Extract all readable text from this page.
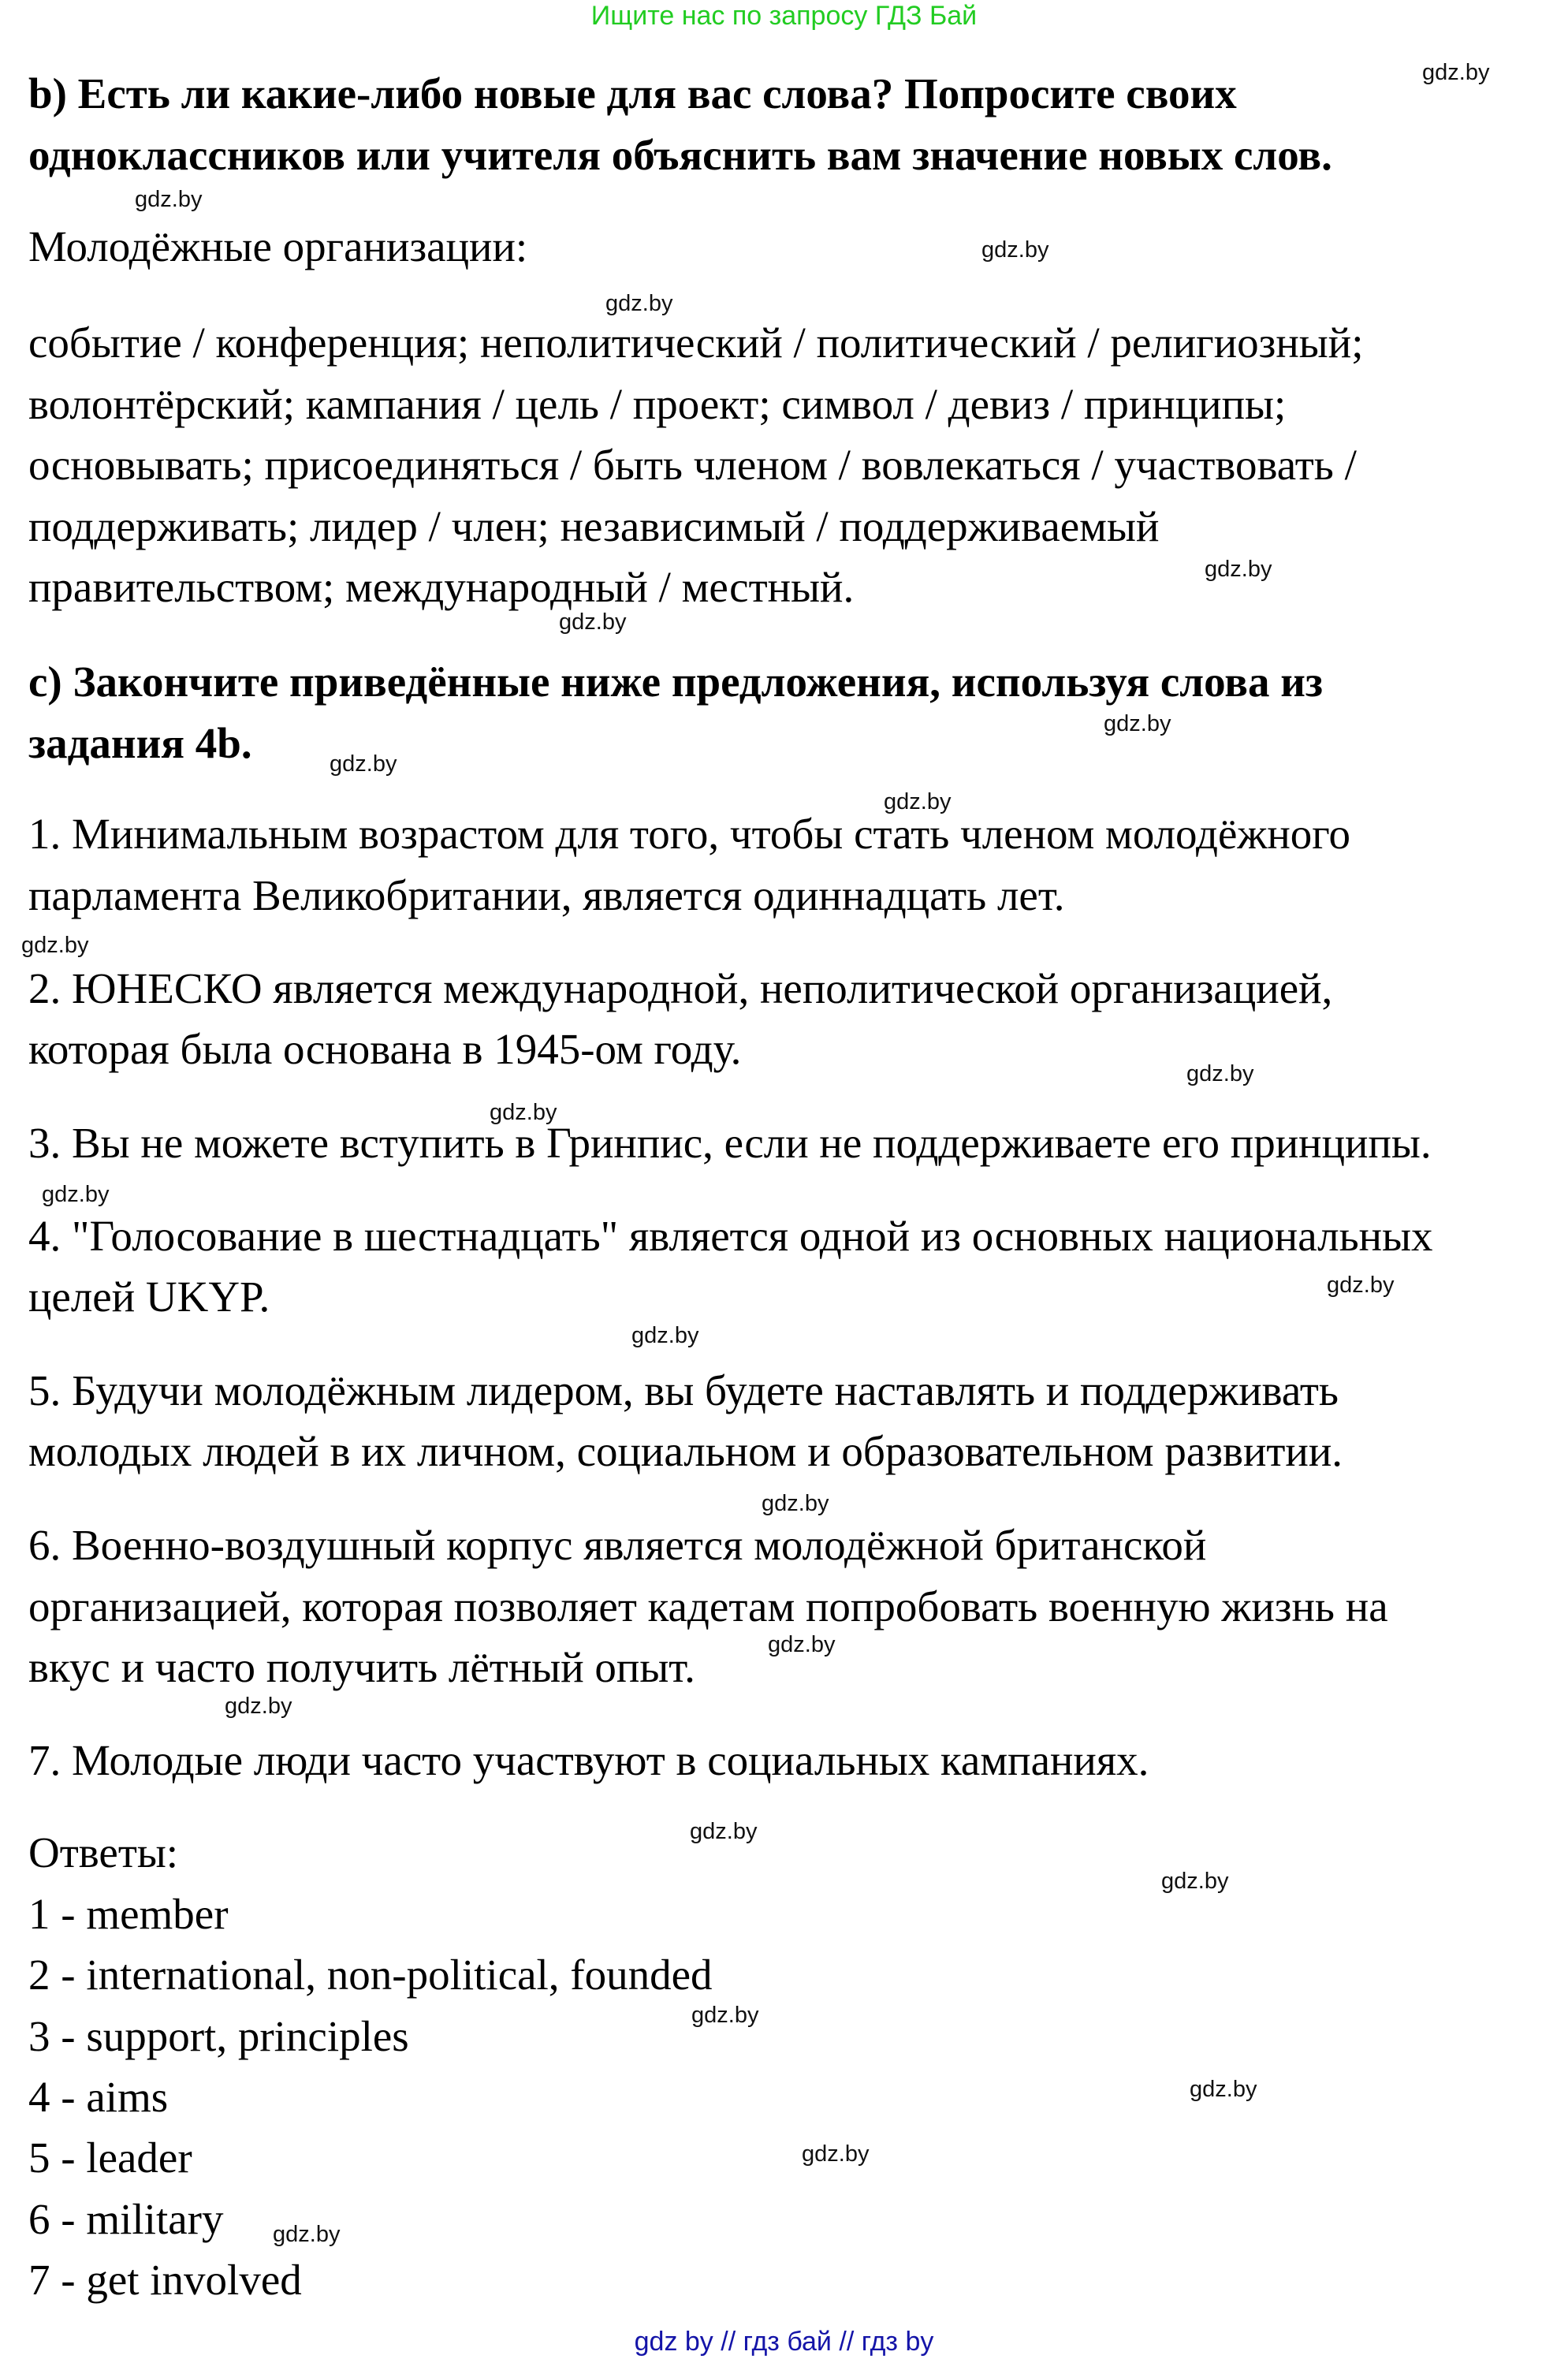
Ищите нас по запросу ГДЗ Бай

b) Есть ли какие-либо новые для вас слова? Попросите своих

одноклассников или учителя объяснить вам значение новых слов.

Молодёжные организации:

событие / конференция; неполитический / политический / религиозный;

волонтёрский; кампания / цель / проект; символ / девиз / принципы;

основывать; присоединяться / быть членом / вовлекаться / участвовать /

поддерживать; лидер / член; независимый / поддерживаемый

правительством; международный / местный.

c) Закончите приведённые ниже предложения, используя слова из

задания 4b.

1. Минимальным возрастом для того, чтобы стать членом молодёжного

парламента Великобритании, является одиннадцать лет.

2. ЮНЕСКО является международной, неполитической организацией,

которая была основана в 1945-ом году.

3. Вы не можете вступить в Гринпис, если не поддерживаете его принципы.

4. "Голосование в шестнадцать" является одной из основных национальных

целей UKYP.

5. Будучи молодёжным лидером, вы будете наставлять и поддерживать

молодых людей в их личном, социальном и образовательном развитии.

6. Военно-воздушный корпус является молодёжной британской

организацией, которая позволяет кадетам попробовать военную жизнь на

вкус и часто получить лётный опыт.

7. Молодые люди часто участвуют в социальных кампаниях.

Ответы:

1 - member

2 - international, non-political, founded

3 - support, principles

4 - aims

5 - leader

6 - military

7 - get involved

gdz.by
gdz.by
gdz.by
gdz.by
gdz.by
gdz.by
gdz.by
gdz.by
gdz.by
gdz.by
gdz.by
gdz.by
gdz.by
gdz.by
gdz.by
gdz.by
gdz.by
gdz.by
gdz.by
gdz.by
gdz.by
gdz.by
gdz.by
gdz.by
gdz by // гдз бай // гдз by
